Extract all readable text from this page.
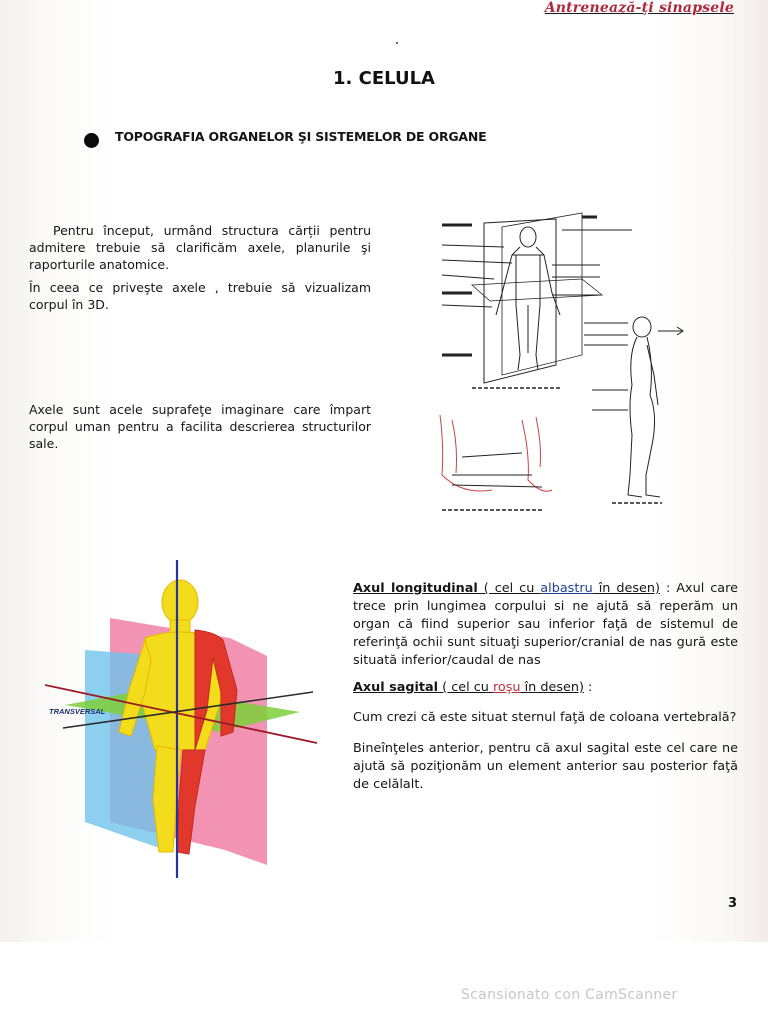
Antrenează-ți sinapsele
1. CELULA
TOPOGRAFIA ORGANELOR ŞI SISTEMELOR DE ORGANE

Pentru început, urmând structura cărții pentru admitere trebuie să clarificăm axele, planurile şi raporturile anatomice.

În ceea ce priveşte axele , trebuie să vizualizam corpul în 3D.

Axele sunt acele suprafeţe imaginare care împart corpul uman pentru a facilita descrierea structurilor sale.

TRANSVERSAL

Axul longitudinal ( cel cu albastru în desen) : Axul care trece prin lungimea corpului si ne ajută să reperăm un organ că fiind superior sau inferior faţă de sistemul de referinţă ochii sunt situaţi superior/cranial de nas gură este situată inferior/caudal de nas

Axul sagital ( cel cu roşu în desen) :

Cum crezi că este situat sternul faţă de coloana vertebrală?

Bineînţeles anterior, pentru că axul sagital este cel care ne ajută să poziţionăm un element anterior sau posterior faţă de celălalt.

3
Scansionato con CamScanner
